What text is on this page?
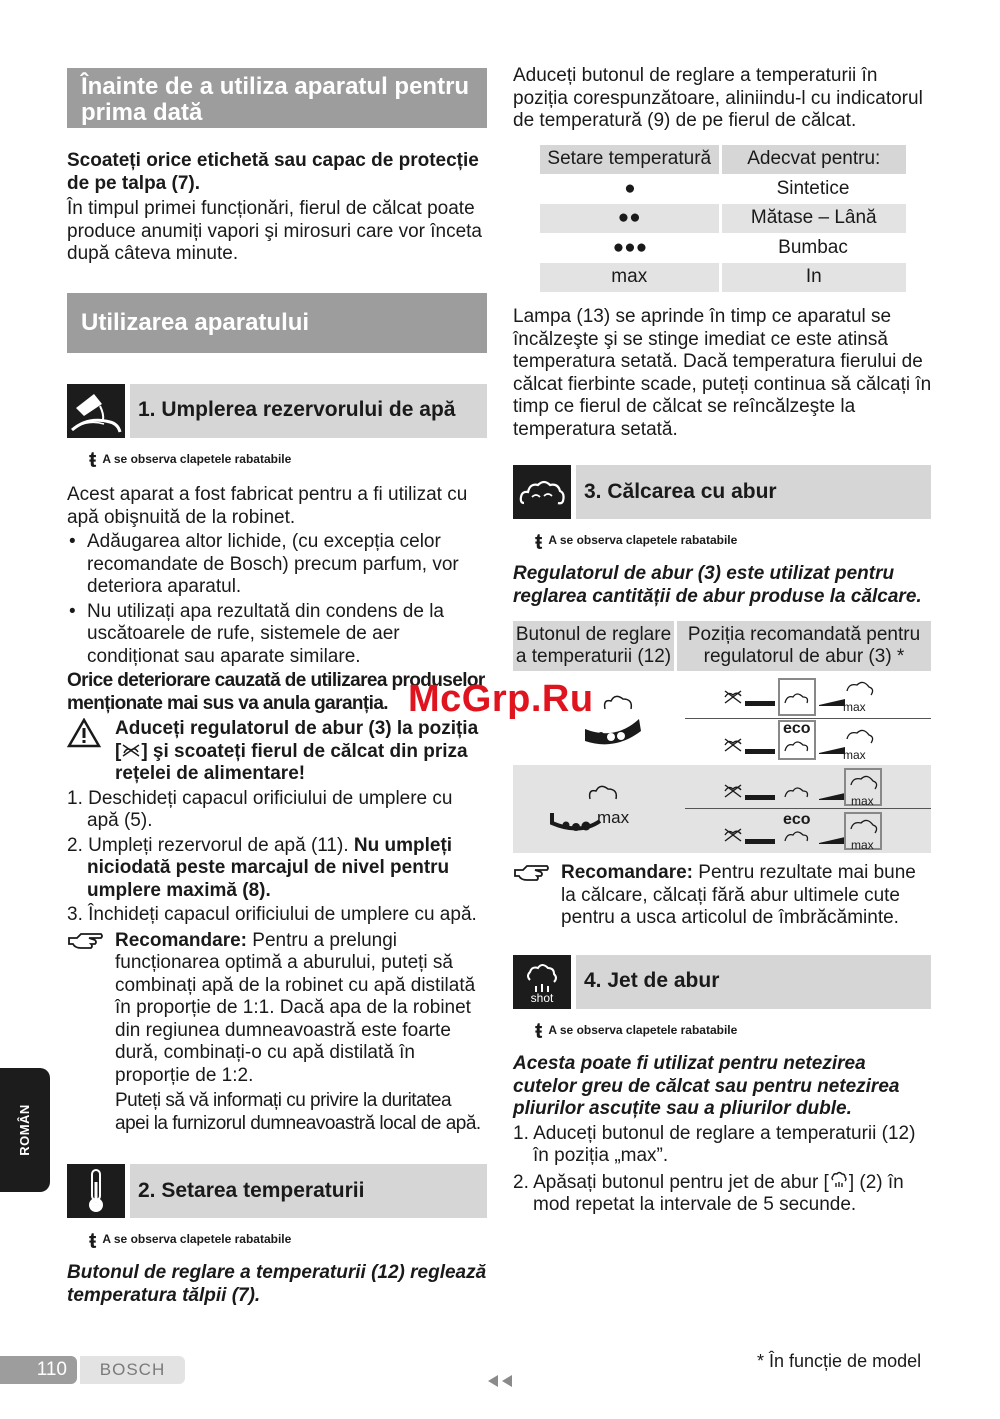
Înainte de a utiliza aparatul pentru prima dată

Scoateți orice etichetă sau capac de protecție de pe talpa (7).

În timpul primei funcționări, fierul de călcat poate produce anumiți vapori şi mirosuri care vor înceta după câteva minute.

Utilizarea aparatului
1. Umplerea rezervorului de apă
ŧ A se observa clapetele rabatabile

Acest aparat a fost fabricat pentru a fi utilizat cu apă obişnuită de la robinet.

• Adăugarea altor lichide, (cu excepția celor recomandate de Bosch) precum parfum, vor deteriora aparatul.
• Nu utilizați apa rezultată din condens de la uscătoarele de rufe, sistemele de aer condiționat sau aparate similare.

Orice deteriorare cauzată de utilizarea produselor menționate mai sus va anula garanția.

Aduceți regulatorul de abur (3) la poziția [ ] şi scoateți fierul de călcat din priza rețelei de alimentare!

1. Deschideți capacul orificiului de umplere cu apă (5).
2. Umpleți rezervorul de apă (11). Nu umpleți niciodată peste marcajul de nivel pentru umplere maximă (8).
3. Închideți capacul orificiului de umplere cu apă.

Recomandare: Pentru a prelungi funcționarea optimă a aburului, puteți să combinați apă de la robinet cu apă distilată în proporție de 1:1. Dacă apa de la robinet din regiunea dumneavoastră este foarte dură, combinați-o cu apă distilată în proporție de 1:2.

Puteți să vă informați cu privire la duritatea apei la furnizorul dumneavoastră local de apă.

2. Setarea temperaturii
ŧ A se observa clapetele rabatabile

Butonul de reglare a temperaturii (12) reglează temperatura tălpii (7).

Aduceți butonul de reglare a temperaturii în poziția corespunzătoare, aliniindu-l cu indicatorul de temperatură (9) de pe fierul de călcat.

Setare temperatură	Adecvat pentru:
●	Sintetice
●●	Mătase – Lână
●●●	Bumbac
max	In

Lampa (13) se aprinde în timp ce aparatul se încălzeşte şi se stinge imediat ce este atinsă temperatura setată. Dacă temperatura fierului de călcat fierbinte scade, puteți continua să călcați în timp ce fierul de călcat se reîncălzeşte la temperatura setată.

3. Călcarea cu abur
ŧ A se observa clapetele rabatabile

Regulatorul de abur (3) este utilizat pentru reglarea cantității de abur produse la călcare.

Butonul de reglare a temperaturii (12)
Poziția recomandată pentru regulatorul de abur (3) *
max
eco
max
max
max
eco
max
McGrp.Ru

Recomandare: Pentru rezultate mai bune la călcare, călcați fără abur ultimele cute pentru a usca articolul de îmbrăcăminte.

shot
4. Jet de abur
ŧ A se observa clapetele rabatabile

Acesta poate fi utilizat pentru netezirea cutelor greu de călcat sau pentru netezirea pliurilor ascuțite sau a pliurilor duble.

1. Aduceți butonul de reglare a temperaturii (12) în poziția „max”.
2. Apăsați butonul pentru jet de abur [ ] (2) în mod repetat la intervale de 5 secunde.
ROMÂN
110	BOSCH	* În funcție de model
